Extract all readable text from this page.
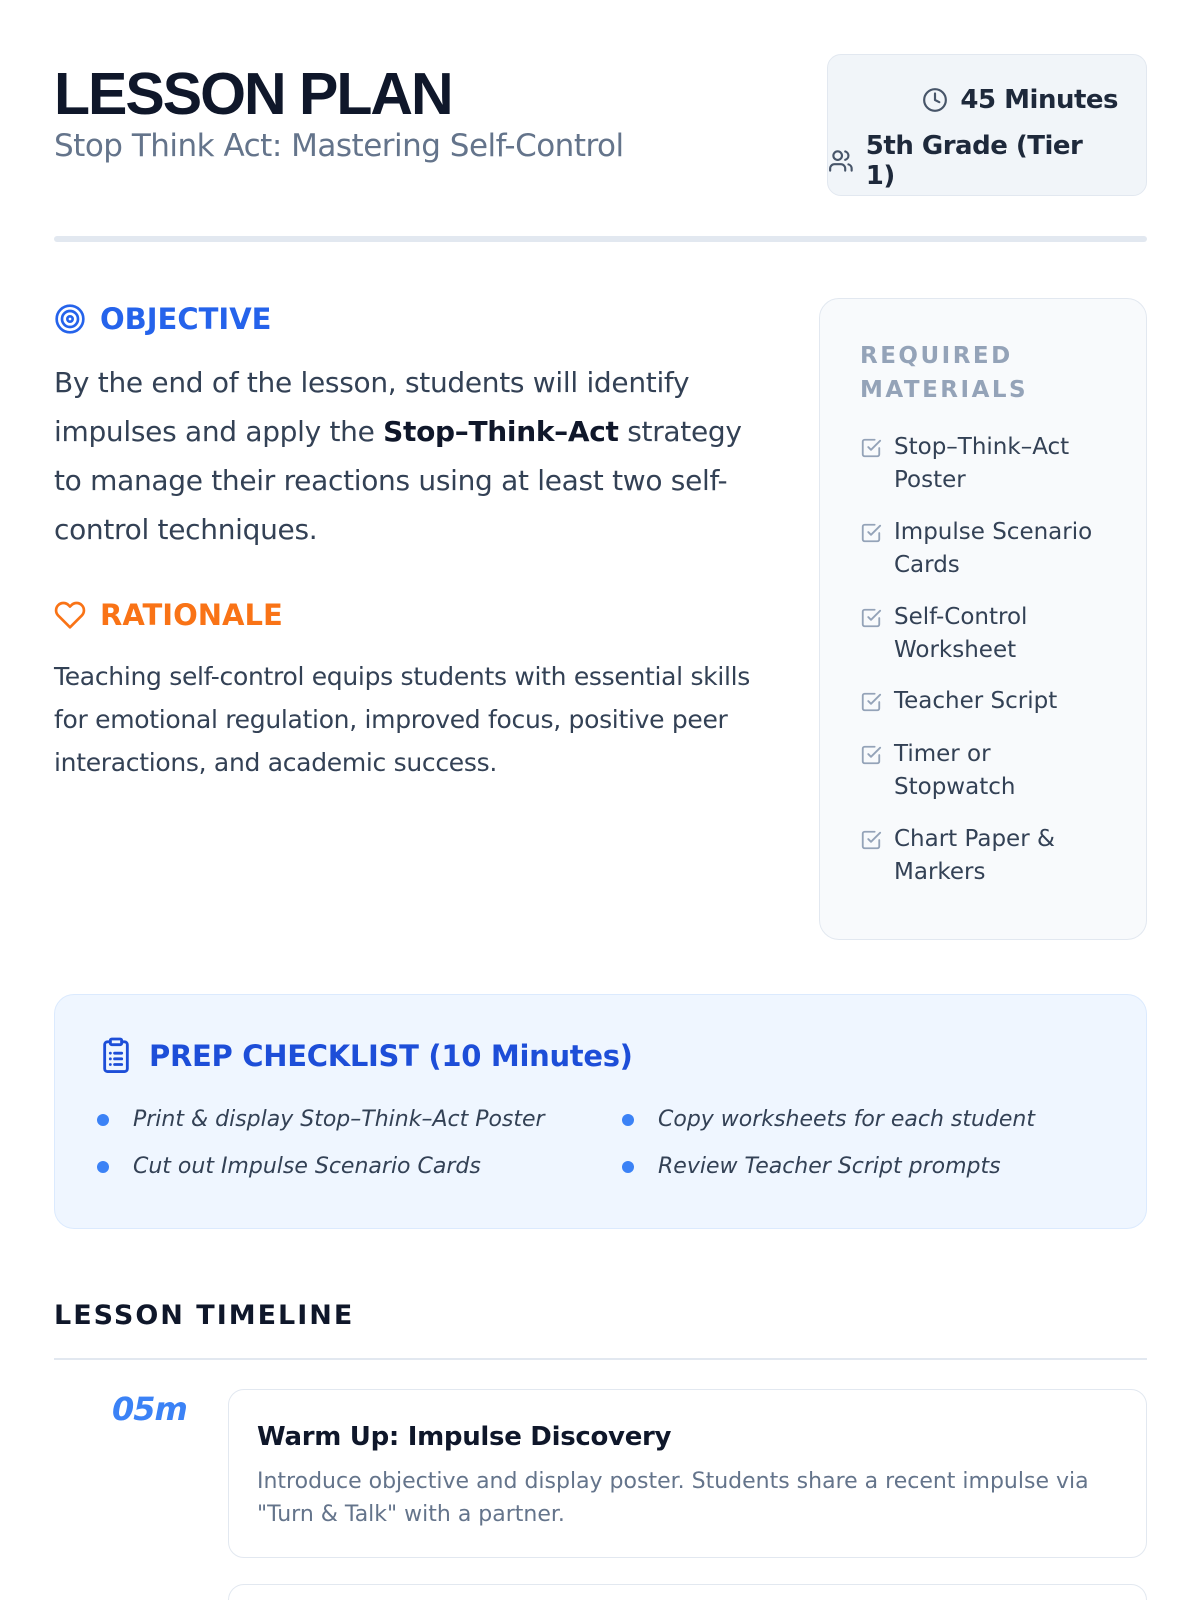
LESSON PLAN
Stop Think Act: Mastering Self-Control
45 Minutes
5th Grade (Tier 1)
OBJECTIVE
By the end of the lesson, students will identify impulses and apply the Stop–Think–Act strategy to manage their reactions using at least two self-control techniques.
RATIONALE
Teaching self-control equips students with essential skills for emotional regulation, improved focus, positive peer interactions, and academic success.
REQUIRED MATERIALS
Stop–Think–Act Poster
Impulse Scenario Cards
Self-Control Worksheet
Teacher Script
Timer or Stopwatch
Chart Paper & Markers
PREP CHECKLIST (10 Minutes)
Print & display Stop–Think–Act Poster	Copy worksheets for each student
Cut out Impulse Scenario Cards	Review Teacher Script prompts
LESSON TIMELINE
05m
Warm Up: Impulse Discovery
Introduce objective and display poster. Students share a recent impulse via "Turn & Talk" with a partner.
